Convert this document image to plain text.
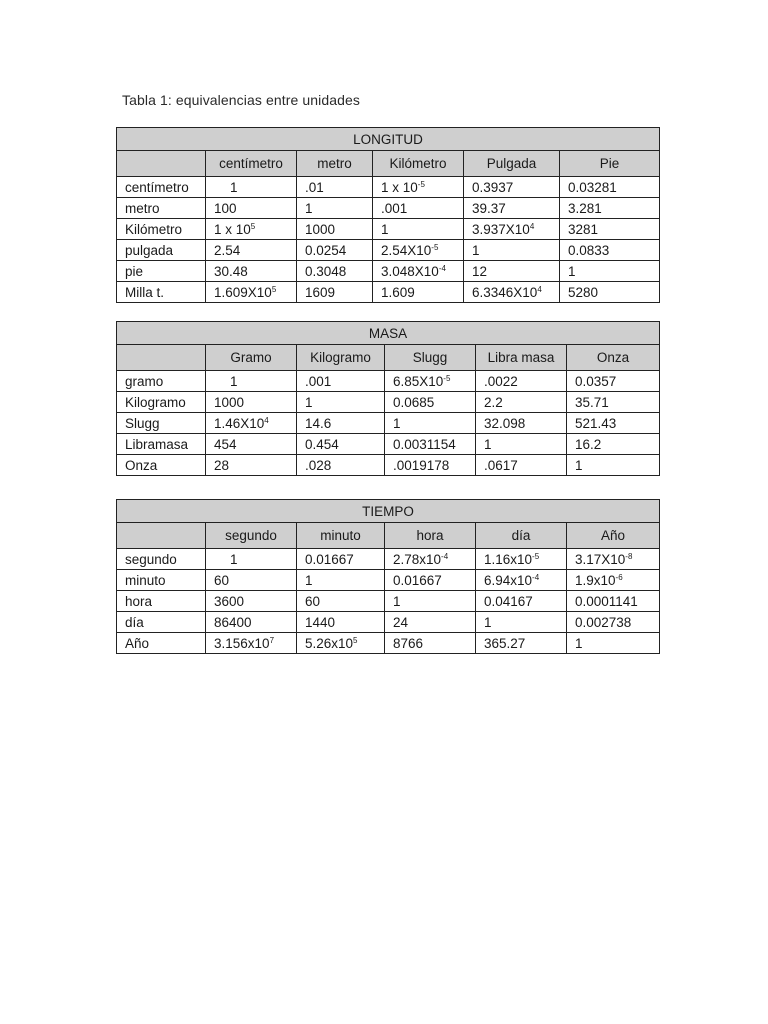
Tabla 1: equivalencias entre unidades
LONGITUD					
	centímetro	metro	Kilómetro	Pulgada	Pie
centímetro	1	.01	1 x $10^{-5}$	0.3937	0.03281
metro	100	1	.001	39.37	3.281
Kilómetro	1 x $10^5$	1000	1	$3.937X10^4$	3281
pulgada	2.54	0.0254	$2.54X10^{-5}$	1	0.0833
pie	30.48	0.3048	$3.048X10^{-4}$	12	1
Milla t.	$1.609X10^5$	1609	1.609	$6.3346X10^4$	5280
MASA					
	Gramo	Kilogramo	Slugg	Libra masa	Onza
gramo	1	.001	$6.85X10^{-5}$	.0022	0.0357
Kilogramo	1000	1	0.0685	2.2	35.71
Slugg	$1.46X10^4$	14.6	1	32.098	521.43
Libramasa	454	0.454	0.0031154	1	16.2
Onza	28	.028	.0019178	.0617	1
TIEMPO					
	segundo	minuto	hora	día	Año
segundo	1	0.01667	$2.78x10^{-4}$	$1.16x10^{-5}$	$3.17X10^{-8}$
minuto	60	1	0.01667	$6.94x10^{-4}$	$1.9x10^{-6}$
hora	3600	60	1	0.04167	0.0001141
día	86400	1440	24	1	0.002738
Año	$3.156x10^7$	$5.26x10^5$	8766	365.27	1
